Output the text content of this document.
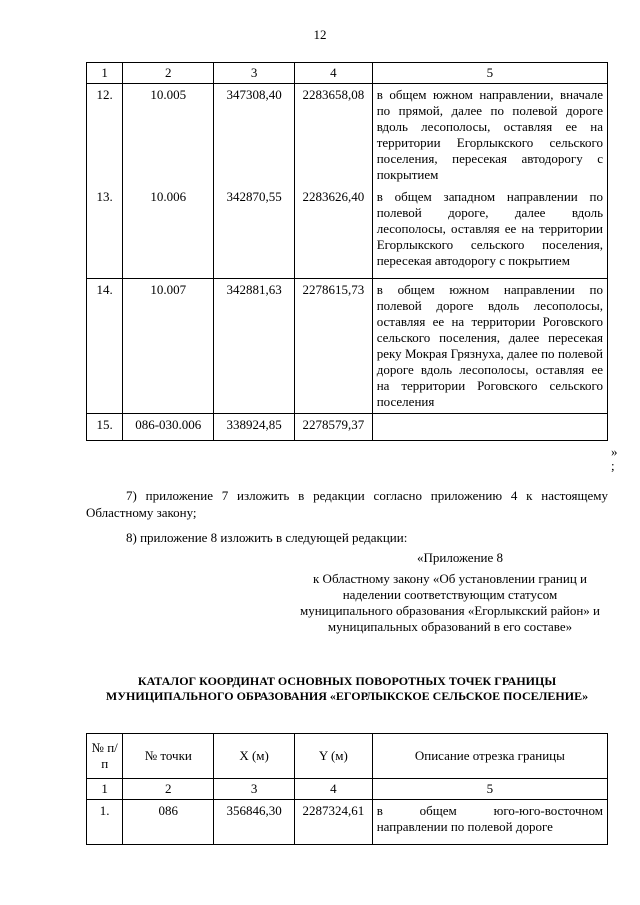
12
1	2	3	4	5
12.	10.005	347308,40	2283658,08	в общем южном направлении, вначале по прямой, далее по полевой дороге вдоль лесополосы, оставляя ее на территории Егорлыкского сельского поселения, пересекая автодорогу с покрытием
13.	10.006	342870,55	2283626,40	в общем западном направлении по полевой дороге, далее вдоль лесополосы, оставляя ее на территории Егорлыкского сельского поселения, пересекая автодорогу с покрытием
14.	10.007	342881,63	2278615,73	в общем южном направлении по полевой дороге вдоль лесополосы, оставляя ее на территории Роговского сельского поселения, далее пересекая реку Мокрая Грязнуха, далее по полевой дороге вдоль лесополосы, оставляя ее на территории Роговского сельского поселения
15.	086-030.006	338924,85	2278579,37	
»
;
7) приложение 7 изложить в редакции согласно приложению 4 к настоящему Областному закону;
8) приложение 8 изложить в следующей редакции:
«Приложение 8
к Областному закону «Об установлении границ и наделении соответствующим статусом муниципального образования «Егорлыкский район» и муниципальных образований в его составе»
КАТАЛОГ КООРДИНАТ ОСНОВНЫХ ПОВОРОТНЫХ ТОЧЕК ГРАНИЦЫ МУНИЦИПАЛЬНОГО ОБРАЗОВАНИЯ «ЕГОРЛЫКСКОЕ СЕЛЬСКОЕ ПОСЕЛЕНИЕ»
№ п/п	№ точки	X (м)	Y (м)	Описание отрезка границы
1	2	3	4	5
1.	086	356846,30	2287324,61	в общем юго-юго-восточном направлении по полевой дороге
